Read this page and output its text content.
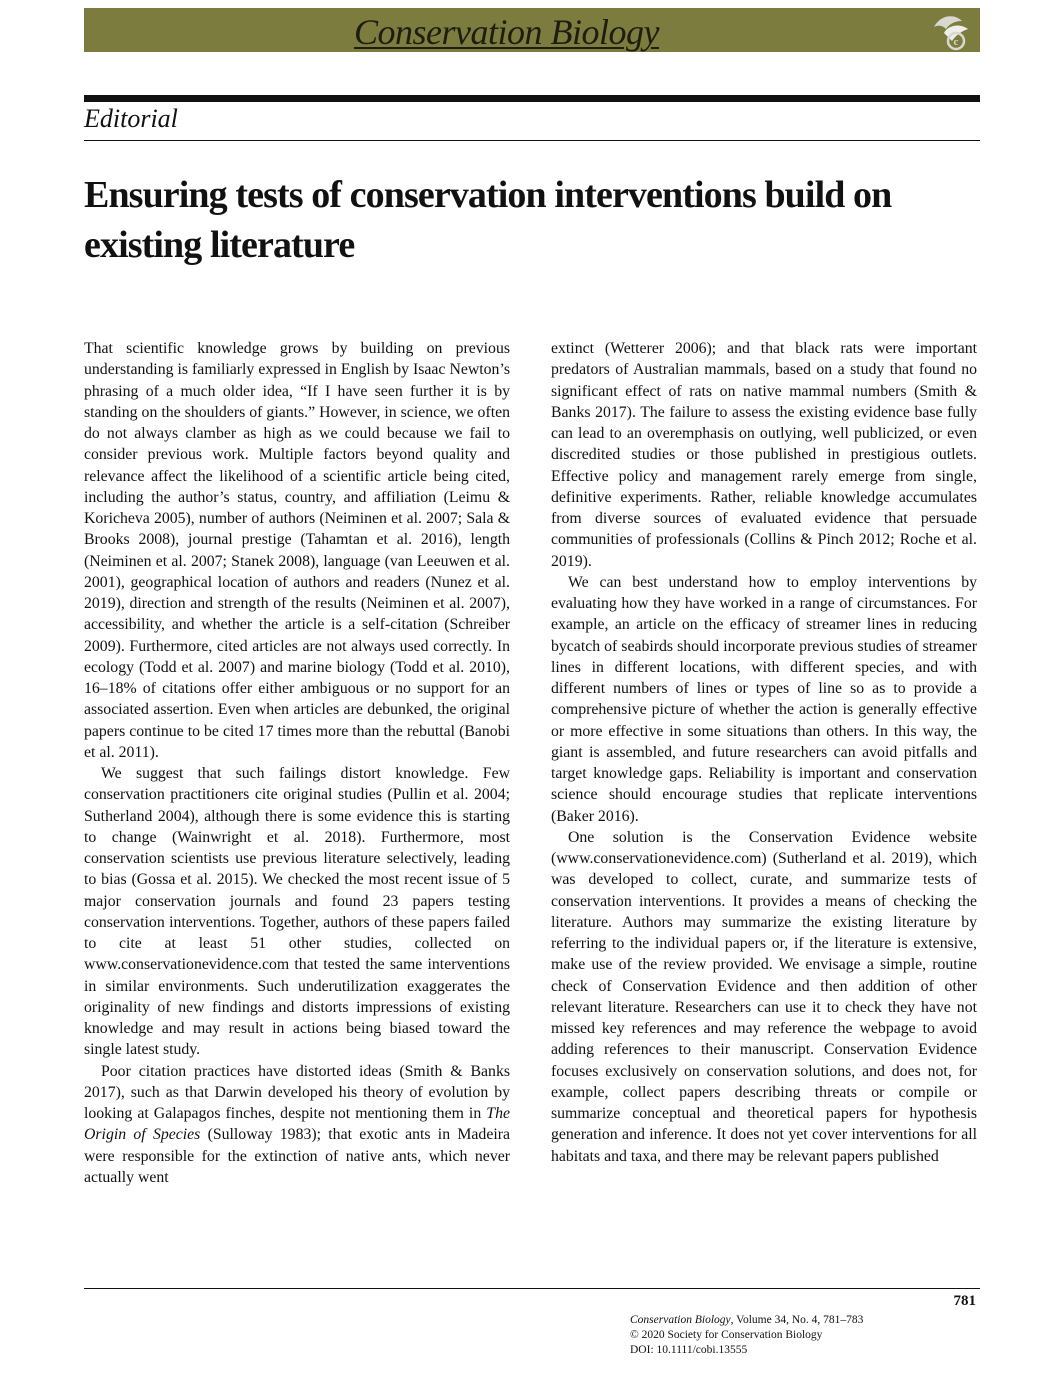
Conservation Biology	c
Editorial
Ensuring tests of conservation interventions build on existing literature

That scientific knowledge grows by building on previous understanding is familiarly expressed in English by Isaac Newton’s phrasing of a much older idea, “If I have seen further it is by standing on the shoulders of giants.” However, in science, we often do not always clamber as high as we could because we fail to consider previous work. Multiple factors beyond quality and relevance affect the likelihood of a scientific article being cited, including the author’s status, country, and affiliation (Leimu & Koricheva 2005), number of authors (Neiminen et al. 2007; Sala & Brooks 2008), journal prestige (Tahamtan et al. 2016), length (Neiminen et al. 2007; Stanek 2008), language (van Leeuwen et al. 2001), geographical location of authors and readers (Nunez et al. 2019), direction and strength of the results (Neiminen et al. 2007), accessibility, and whether the article is a self-citation (Schreiber 2009). Furthermore, cited articles are not always used correctly. In ecology (Todd et al. 2007) and marine biology (Todd et al. 2010), 16–18% of citations offer either ambiguous or no support for an associated assertion. Even when articles are debunked, the original papers continue to be cited 17 times more than the rebuttal (Banobi et al. 2011).

We suggest that such failings distort knowledge. Few conservation practitioners cite original studies (Pullin et al. 2004; Sutherland 2004), although there is some evidence this is starting to change (Wainwright et al. 2018). Furthermore, most conservation scientists use previous literature selectively, leading to bias (Gossa et al. 2015). We checked the most recent issue of 5 major conservation journals and found 23 papers testing conservation interventions. Together, authors of these papers failed to cite at least 51 other studies, collected on www.conservationevidence.com that tested the same interventions in similar environments. Such underutilization exaggerates the originality of new findings and distorts impressions of existing knowledge and may result in actions being biased toward the single latest study.

Poor citation practices have distorted ideas (Smith & Banks 2017), such as that Darwin developed his theory of evolution by looking at Galapagos finches, despite not mentioning them in The Origin of Species (Sulloway 1983); that exotic ants in Madeira were responsible for the extinction of native ants, which never actually went

extinct (Wetterer 2006); and that black rats were important predators of Australian mammals, based on a study that found no significant effect of rats on native mammal numbers (Smith & Banks 2017). The failure to assess the existing evidence base fully can lead to an overemphasis on outlying, well publicized, or even discredited studies or those published in prestigious outlets. Effective policy and management rarely emerge from single, definitive experiments. Rather, reliable knowledge accumulates from diverse sources of evaluated evidence that persuade communities of professionals (Collins & Pinch 2012; Roche et al. 2019).

We can best understand how to employ interventions by evaluating how they have worked in a range of circumstances. For example, an article on the efficacy of streamer lines in reducing bycatch of seabirds should incorporate previous studies of streamer lines in different locations, with different species, and with different numbers of lines or types of line so as to provide a comprehensive picture of whether the action is generally effective or more effective in some situations than others. In this way, the giant is assembled, and future researchers can avoid pitfalls and target knowledge gaps. Reliability is important and conservation science should encourage studies that replicate interventions (Baker 2016).

One solution is the Conservation Evidence website (www.conservationevidence.com) (Sutherland et al. 2019), which was developed to collect, curate, and summarize tests of conservation interventions. It provides a means of checking the literature. Authors may summarize the existing literature by referring to the individual papers or, if the literature is extensive, make use of the review provided. We envisage a simple, routine check of Conservation Evidence and then addition of other relevant literature. Researchers can use it to check they have not missed key references and may reference the webpage to avoid adding references to their manuscript. Conservation Evidence focuses exclusively on conservation solutions, and does not, for example, collect papers describing threats or compile or summarize conceptual and theoretical papers for hypothesis generation and inference. It does not yet cover interventions for all habitats and taxa, and there may be relevant papers published

781
Conservation Biology, Volume 34, No. 4, 781–783
© 2020 Society for Conservation Biology
DOI: 10.1111/cobi.13555
